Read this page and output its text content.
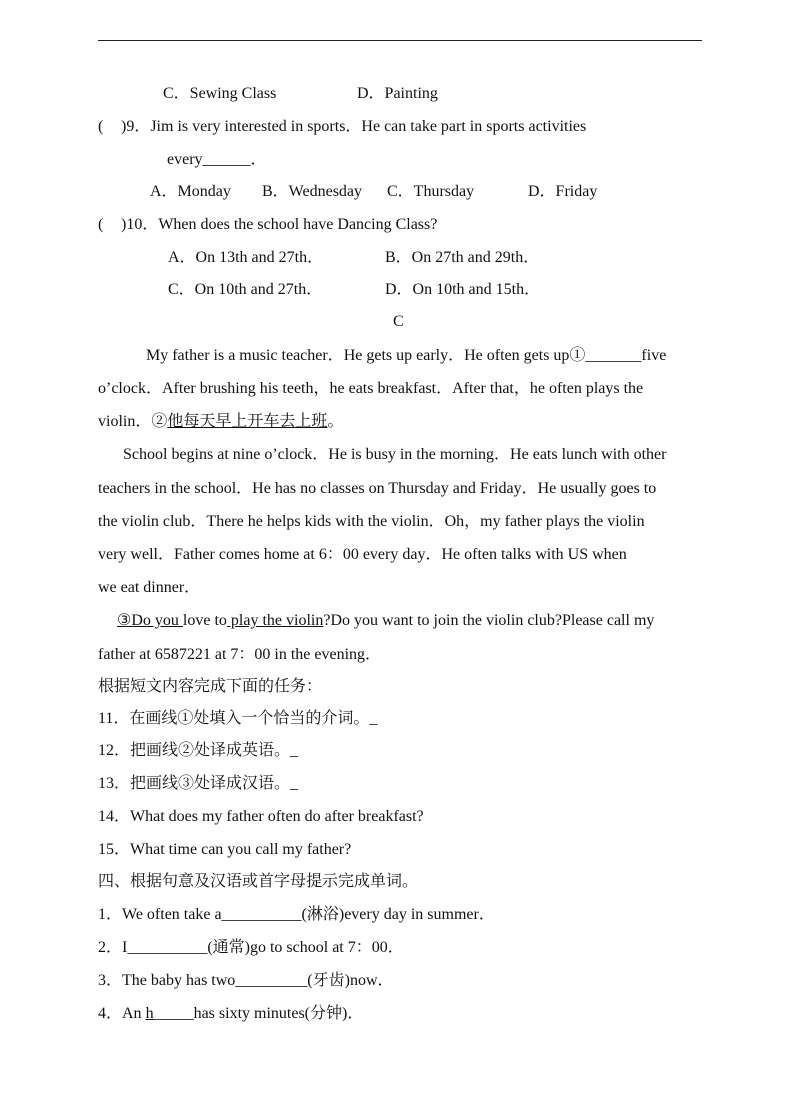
C．Sewing Class	D．Painting
( )9．Jim is very interested in sports．He can take part in sports activities
every______．
A．Monday B．Wednesday C．Thursday	D．Friday
( )10．When does the school have Dancing Class?
A．On 13th and 27th．	B．On 27th and 29th．
C．On 10th and 27th．	D．On 10th and 15th．
C
My father is a music teacher．He gets up early．He often gets up①_______five
o’clock．After brushing his teeth，he eats breakfast．After that，he often plays the
violin．②他每天早上开车去上班。
School begins at nine o’clock．He is busy in the morning．He eats lunch with other
teachers in the school．He has no classes on Thursday and Friday．He usually goes to
the violin club．There he helps kids with the violin．Oh，my father plays the violin
very well．Father comes home at 6：00 every day．He often talks with US when
we eat dinner．
③Do you love to play the violin?Do you want to join the violin club?Please call my
father at 6587221 at 7：00 in the evening．
根据短文内容完成下面的任务：
11．在画线①处填入一个恰当的介词。_
12．把画线②处译成英语。_
13．把画线③处译成汉语。_
14．What does my father often do after breakfast?
15．What time can you call my father?
四、根据句意及汉语或首字母提示完成单词。
1．We often take a__________(淋浴)every day in summer．
2．I__________(通常)go to school at 7：00．
3．The baby has two_________(牙齿)now．
4．An h_____has sixty minutes(分钟)．
